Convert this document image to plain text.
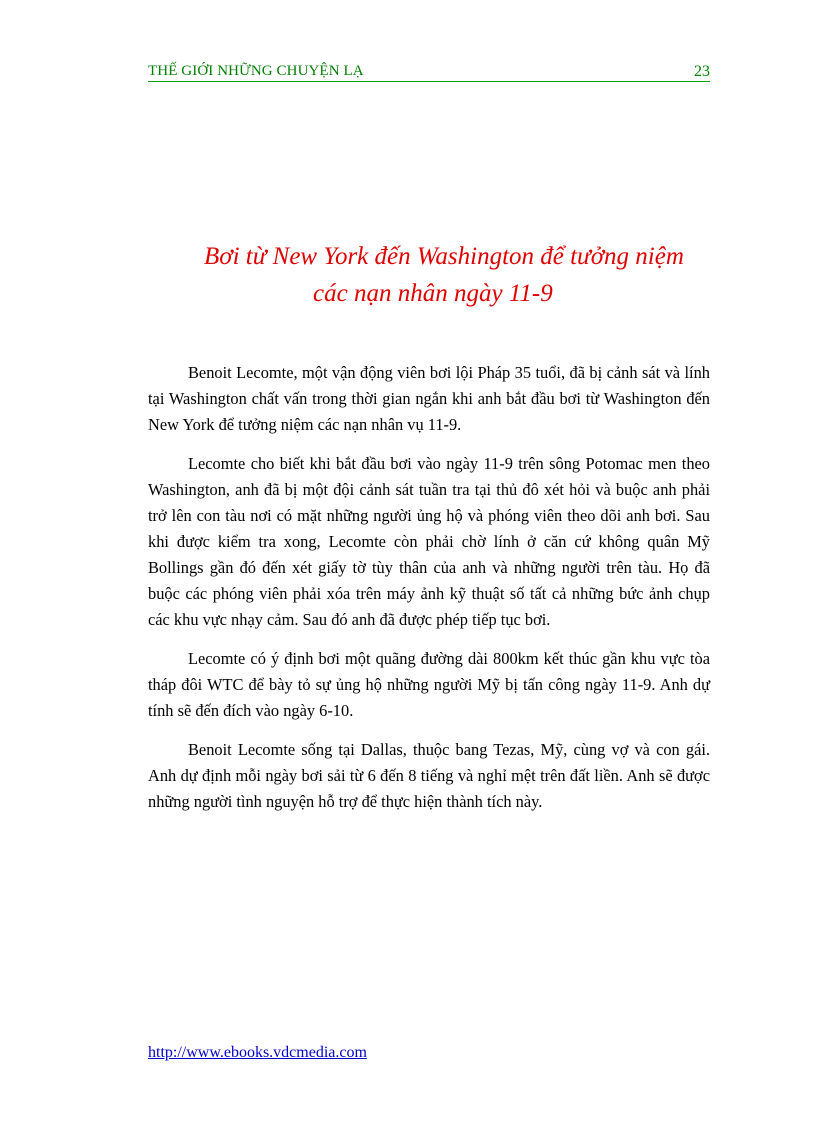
THẾ GIỚI NHỮNG CHUYỆN LẠ	23
Bơi từ New York đến Washington để tưởng niệm
các nạn nhân ngày 11-9

Benoit Lecomte, một vận động viên bơi lội Pháp 35 tuổi, đã bị cảnh sát và lính tại Washington chất vấn trong thời gian ngắn khi anh bắt đầu bơi từ Washington đến New York để tưởng niệm các nạn nhân vụ 11-9.

Lecomte cho biết khi bắt đầu bơi vào ngày 11-9 trên sông Potomac men theo Washington, anh đã bị một đội cảnh sát tuần tra tại thủ đô xét hỏi và buộc anh phải trở lên con tàu nơi có mặt những người ủng hộ và phóng viên theo dõi anh bơi. Sau khi được kiểm tra xong, Lecomte còn phải chờ lính ở căn cứ không quân Mỹ Bollings gần đó đến xét giấy tờ tùy thân của anh và những người trên tàu. Họ đã buộc các phóng viên phải xóa trên máy ảnh kỹ thuật số tất cả những bức ảnh chụp các khu vực nhạy cảm. Sau đó anh đã được phép tiếp tục bơi.

Lecomte có ý định bơi một quãng đường dài 800km kết thúc gần khu vực tòa tháp đôi WTC để bày tỏ sự ủng hộ những người Mỹ bị tấn công ngày 11-9. Anh dự tính sẽ đến đích vào ngày 6-10.

Benoit Lecomte sống tại Dallas, thuộc bang Tezas, Mỹ, cùng vợ và con gái. Anh dự định mỗi ngày bơi sải từ 6 đến 8 tiếng và nghỉ mệt trên đất liền. Anh sẽ được những người tình nguyện hỗ trợ để thực hiện thành tích này.

http://www.ebooks.vdcmedia.com
